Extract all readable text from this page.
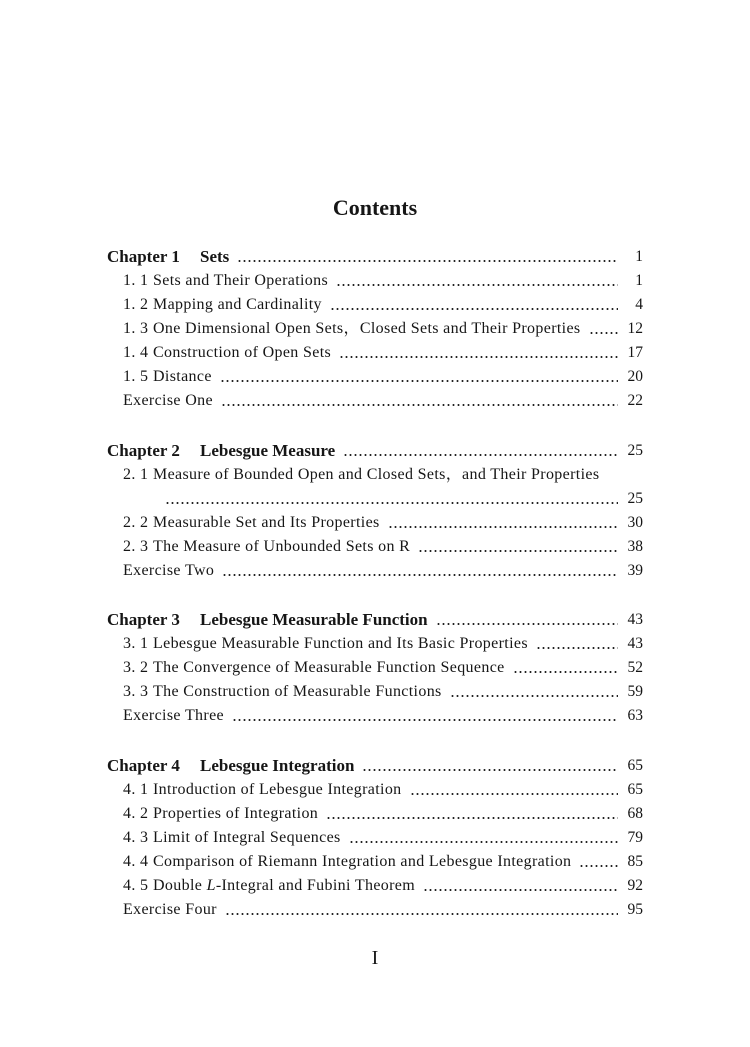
Contents
Chapter 1 Sets	1
1. 1 Sets and Their Operations	1
1. 2 Mapping and Cardinality	4
1. 3 One Dimensional Open Sets，Closed Sets and Their Properties	12
1. 4 Construction of Open Sets	17
1. 5 Distance	20
Exercise One	22
Chapter 2 Lebesgue Measure	25
2. 1 Measure of Bounded Open and Closed Sets，and Their Properties
25
2. 2 Measurable Set and Its Properties	30
2. 3 The Measure of Unbounded Sets on R	38
Exercise Two	39
Chapter 3 Lebesgue Measurable Function	43
3. 1 Lebesgue Measurable Function and Its Basic Properties	43
3. 2 The Convergence of Measurable Function Sequence	52
3. 3 The Construction of Measurable Functions	59
Exercise Three	63
Chapter 4 Lebesgue Integration	65
4. 1 Introduction of Lebesgue Integration	65
4. 2 Properties of Integration	68
4. 3 Limit of Integral Sequences	79
4. 4 Comparison of Riemann Integration and Lebesgue Integration	85
4. 5 Double L-Integral and Fubini Theorem	92
Exercise Four	95
I
